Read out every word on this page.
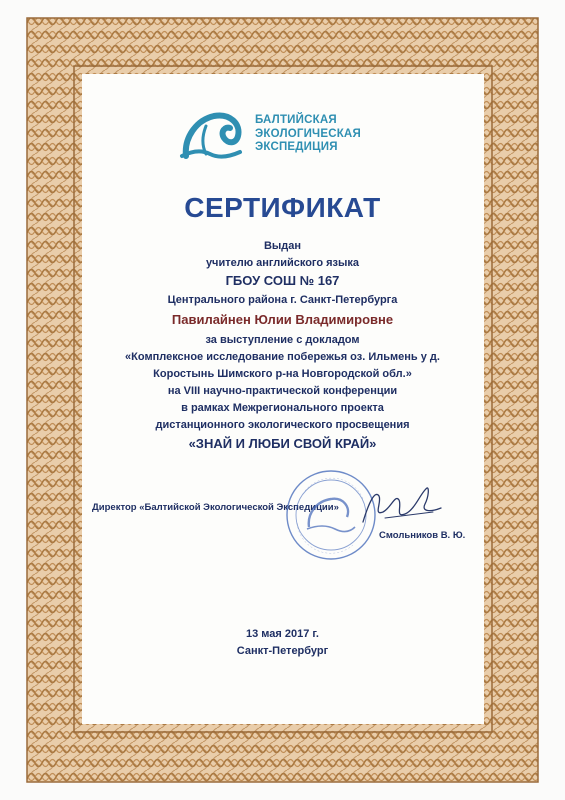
БАЛТИЙСКАЯ
ЭКОЛОГИЧЕСКАЯ
ЭКСПЕДИЦИЯ
СЕРТИФИКАТ
Выдан
учителю английского языка
ГБОУ СОШ № 167
Центрального района г. Санкт-Петербурга
Павилайнен Юлии Владимировне
за выступление с докладом
«Комплексное исследование побережья оз. Ильмень у д.
Коростынь Шимского р-на Новгородской обл.»
на VIII научно-практической конференции
в рамках Межрегионального проекта
дистанционного экологического просвещения
«ЗНАЙ И ЛЮБИ СВОЙ КРАЙ»
Директор «Балтийской Экологической Экспедиции»
Смольников В. Ю.
13 мая 2017 г.
Санкт-Петербург
